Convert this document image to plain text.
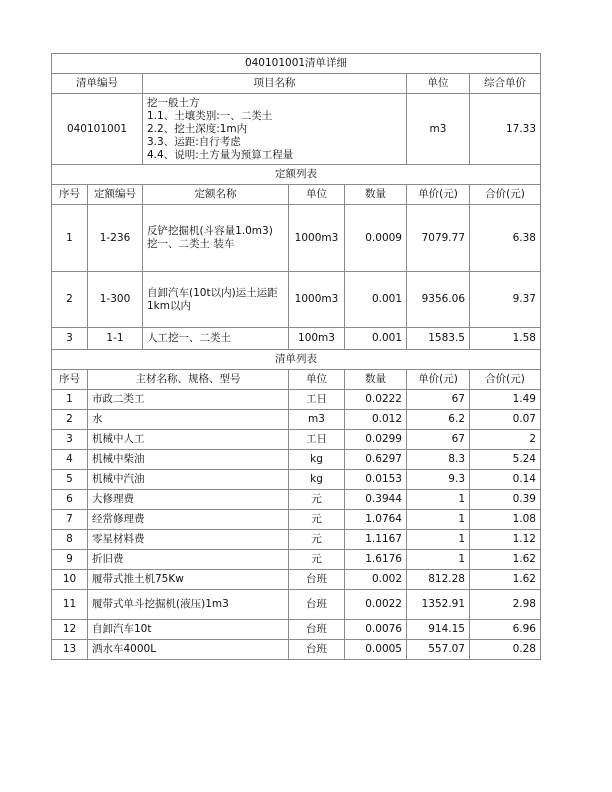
040101001清单详细						
清单编号		项目名称			单位	综合单价
040101001		挖一般土方
1.1、土壤类别:一、二类土
2.2、挖土深度:1m内
3.3、运距:自行考虑
4.4、说明:土方量为预算工程量			m3	17.33
定额列表						
序号	定额编号	定额名称	单位	数量	单价(元)	合价(元)
1	1-236	反铲挖掘机(斗容量1.0m3) 挖一、二类土 装车	1000m3	0.0009	7079.77	6.38
2	1-300	自卸汽车(10t以内)运土运距1km以内	1000m3	0.001	9356.06	9.37
3	1-1	人工挖一、二类土	100m3	0.001	1583.5	1.58
清单列表						
序号	主材名称、规格、型号		单位	数量	单价(元)	合价(元)
1	市政二类工		工日	0.0222	67	1.49
2	水		m3	0.012	6.2	0.07
3	机械中人工		工日	0.0299	67	2
4	机械中柴油		kg	0.6297	8.3	5.24
5	机械中汽油		kg	0.0153	9.3	0.14
6	大修理费		元	0.3944	1	0.39
7	经常修理费		元	1.0764	1	1.08
8	零星材料费		元	1.1167	1	1.12
9	折旧费		元	1.6176	1	1.62
10	履带式推土机75Kw		台班	0.002	812.28	1.62
11	履带式单斗挖掘机(液压)1m3		台班	0.0022	1352.91	2.98
12	自卸汽车10t		台班	0.0076	914.15	6.96
13	洒水车4000L		台班	0.0005	557.07	0.28
